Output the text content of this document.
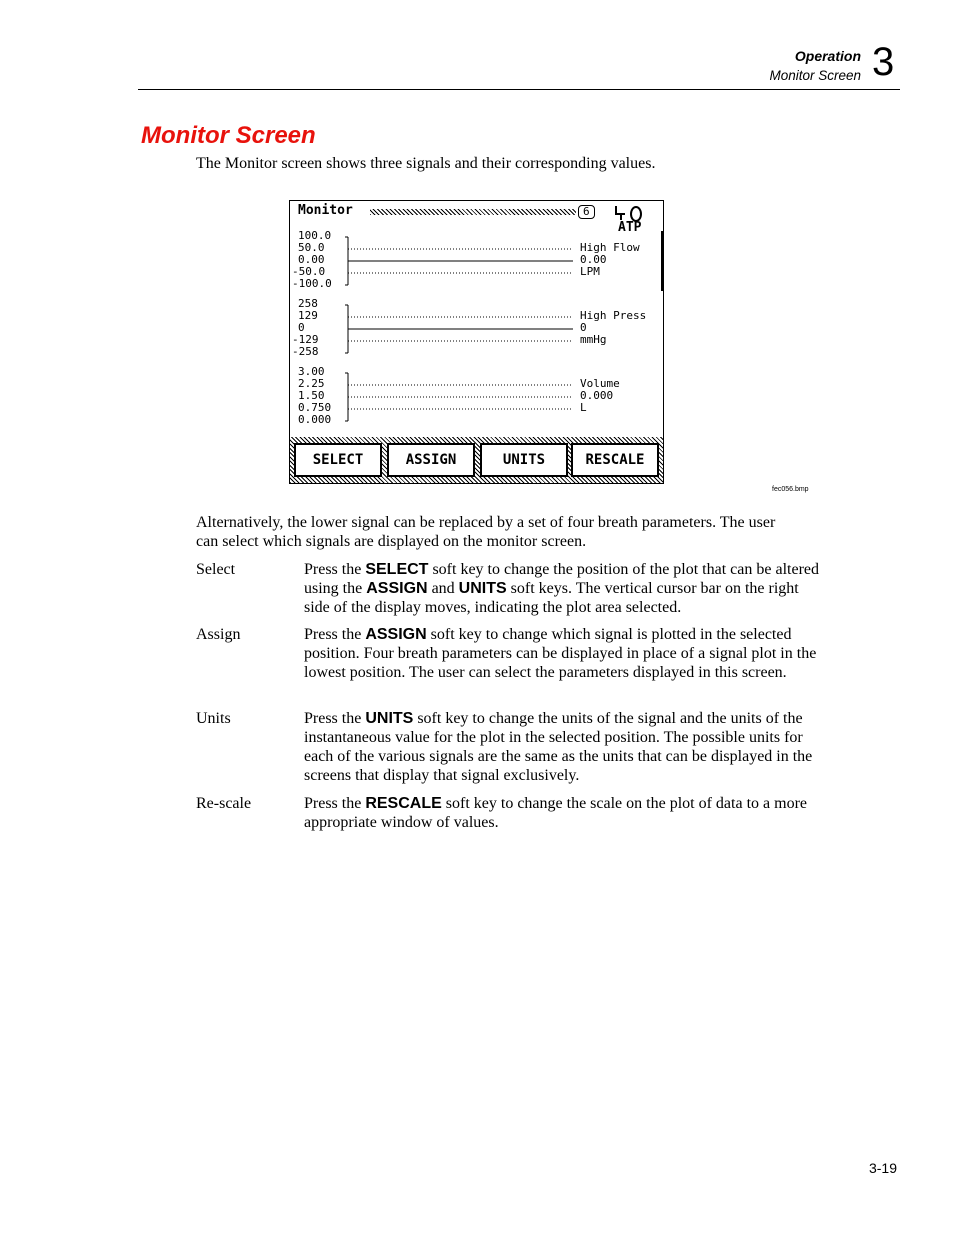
Operation
Monitor Screen 3
Monitor Screen
The Monitor screen shows three signals and their corresponding values.
Monitor	6
ATP
100.0
50.0
0.00
-50.0
-100.0
High Flow
0.00
LPM
258
129
0
-129
-258
High Press
0
mmHg
3.00
2.25
1.50
0.750
0.000
Volume
0.000
L
SELECT	ASSIGN	UNITS	RESCALE
fec056.bmp
Alternatively, the lower signal can be replaced by a set of four breath parameters. The user can select which signals are displayed on the monitor screen.
Select	Press the SELECT soft key to change the position of the plot that can be altered using the ASSIGN and UNITS soft keys. The vertical cursor bar on the right side of the display moves, indicating the plot area selected.
Assign	Press the ASSIGN soft key to change which signal is plotted in the selected position. Four breath parameters can be displayed in place of a signal plot in the lowest position. The user can select the parameters displayed in this screen.
Units	Press the UNITS soft key to change the units of the signal and the units of the instantaneous value for the plot in the selected position. The possible units for each of the various signals are the same as the units that can be displayed in the screens that display that signal exclusively.
Re-scale	Press the RESCALE soft key to change the scale on the plot of data to a more appropriate window of values.
3-19
